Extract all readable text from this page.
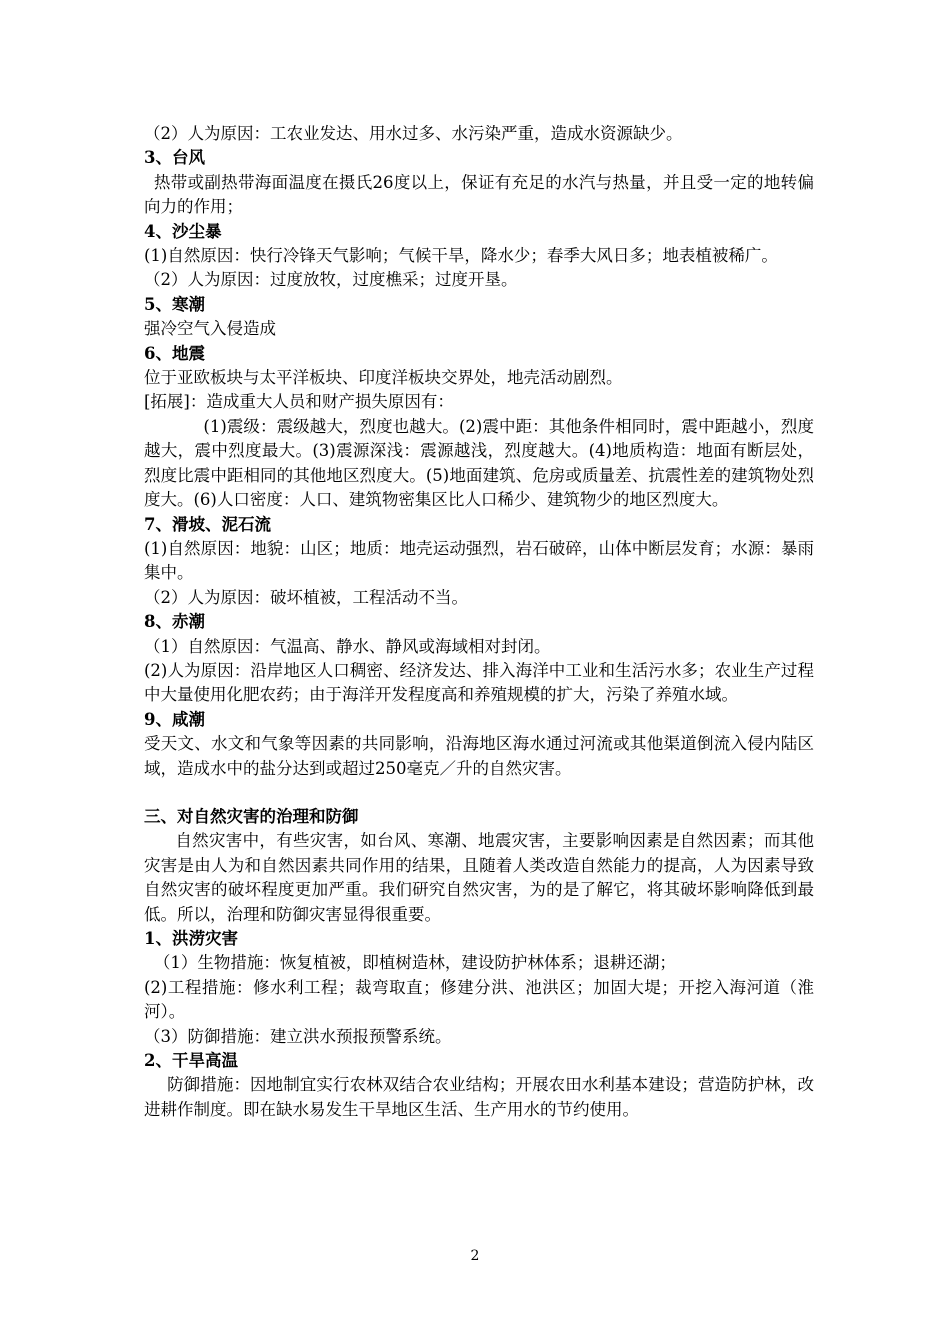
（2）人为原因：工农业发达、用水过多、水污染严重，造成水资源缺少。

3、台风

热带或副热带海面温度在摄氏26度以上，保证有充足的水汽与热量，并且受一定的地转偏向力的作用；

4、沙尘暴

(1)自然原因：快行冷锋天气影响；气候干旱，降水少；春季大风日多；地表植被稀广。

（2）人为原因：过度放牧，过度樵采；过度开垦。

5、寒潮

强冷空气入侵造成

6、地震

位于亚欧板块与太平洋板块、印度洋板块交界处，地壳活动剧烈。

[拓展]：造成重大人员和财产损失原因有：

(1)震级：震级越大，烈度也越大。(2)震中距：其他条件相同时，震中距越小，烈度越大，震中烈度最大。(3)震源深浅：震源越浅，烈度越大。(4)地质构造：地面有断层处，烈度比震中距相同的其他地区烈度大。(5)地面建筑、危房或质量差、抗震性差的建筑物处烈度大。(6)人口密度：人口、建筑物密集区比人口稀少、建筑物少的地区烈度大。

7、滑坡、泥石流

(1)自然原因：地貌：山区；地质：地壳运动强烈，岩石破碎，山体中断层发育；水源：暴雨集中。

（2）人为原因：破坏植被，工程活动不当。

8、赤潮

（1）自然原因：气温高、静水、静风或海域相对封闭。

(2)人为原因：沿岸地区人口稠密、经济发达、排入海洋中工业和生活污水多；农业生产过程中大量使用化肥农药；由于海洋开发程度高和养殖规模的扩大，污染了养殖水域。

9、咸潮

受天文、水文和气象等因素的共同影响，沿海地区海水通过河流或其他渠道倒流入侵内陆区域，造成水中的盐分达到或超过250毫克／升的自然灾害。

三、对自然灾害的治理和防御

自然灾害中，有些灾害，如台风、寒潮、地震灾害，主要影响因素是自然因素；而其他灾害是由人为和自然因素共同作用的结果，且随着人类改造自然能力的提高，人为因素导致自然灾害的破坏程度更加严重。我们研究自然灾害，为的是了解它，将其破坏影响降低到最低。所以，治理和防御灾害显得很重要。

1、洪涝灾害

（1）生物措施：恢复植被，即植树造林，建设防护林体系；退耕还湖；

(2)工程措施：修水利工程；裁弯取直；修建分洪、池洪区；加固大堤；开挖入海河道（淮河）。

（3）防御措施：建立洪水预报预警系统。

2、干旱高温

防御措施：因地制宜实行农林双结合农业结构；开展农田水利基本建设；营造防护林，改进耕作制度。即在缺水易发生干旱地区生活、生产用水的节约使用。

2
